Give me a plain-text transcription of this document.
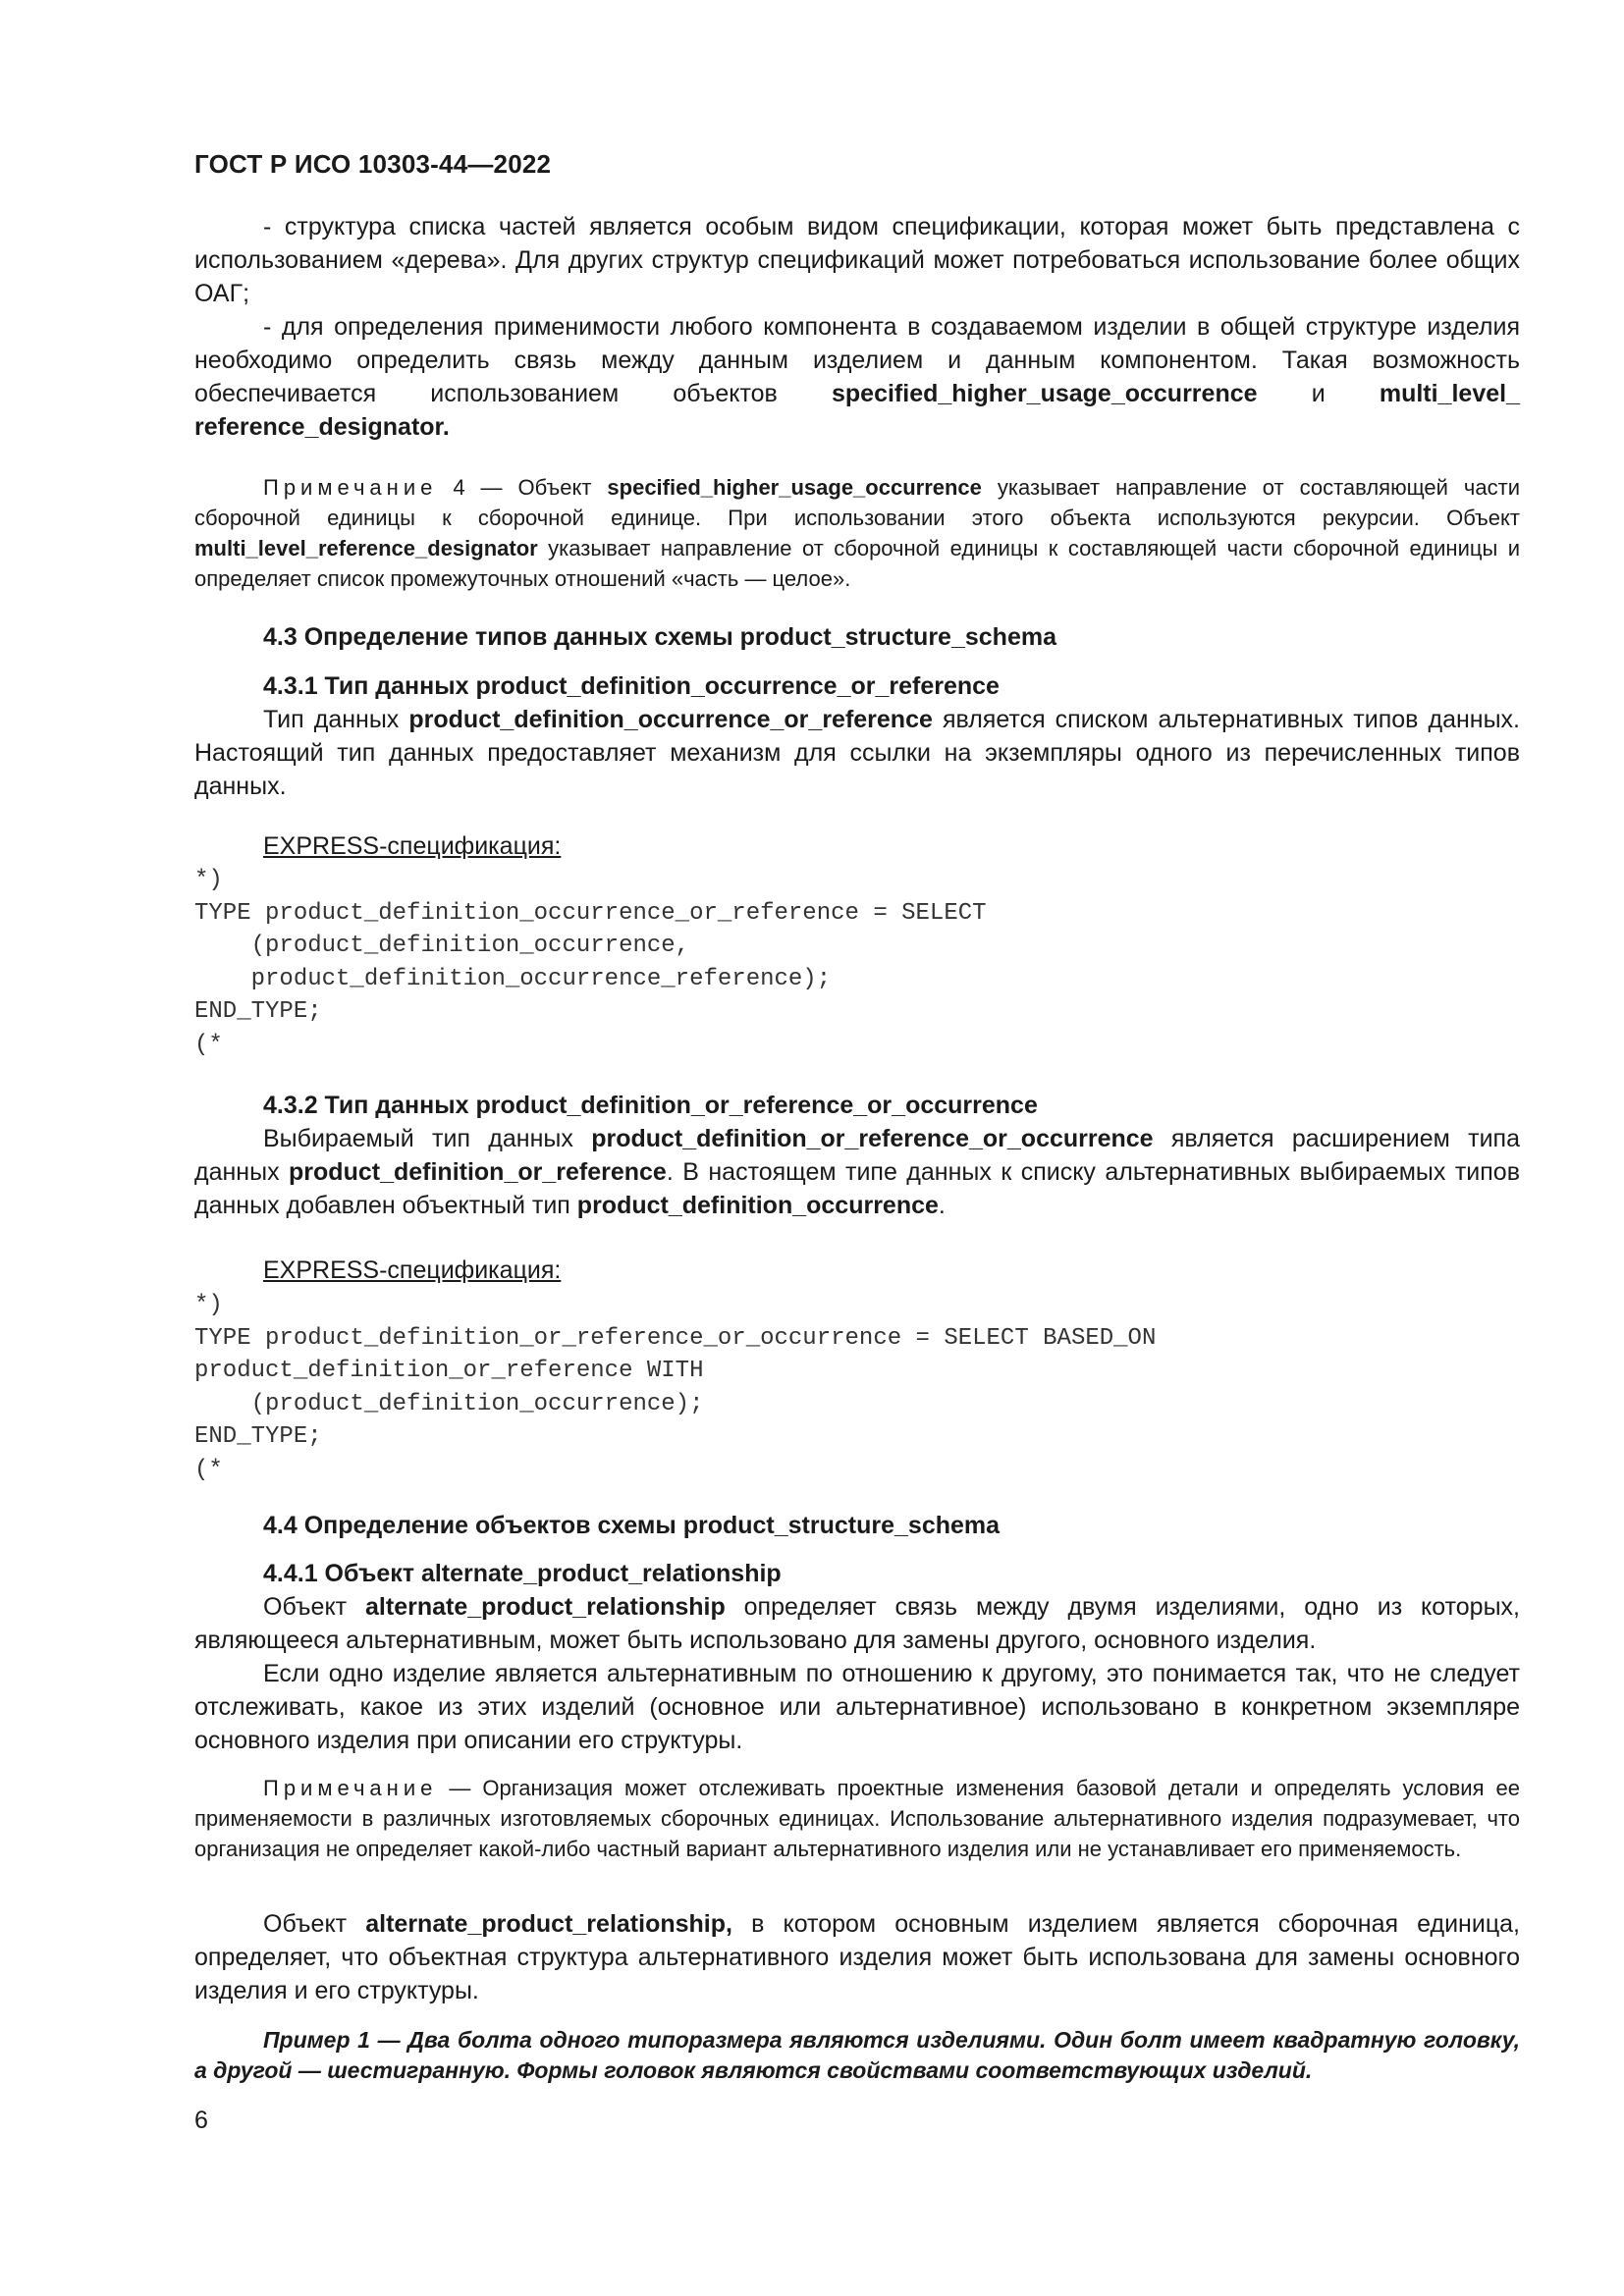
ГОСТ Р ИСО 10303-44—2022

- структура списка частей является особым видом спецификации, которая может быть представлена с использованием «дерева». Для других структур спецификаций может потребоваться использование более общих ОАГ;

- для определения применимости любого компонента в создаваемом изделии в общей структуре изделия необходимо определить связь между данным изделием и данным компонентом. Такая возможность обеспечивается использованием объектов specified_higher_usage_occurrence и multi_level_ reference_designator.

Примечание 4 — Объект specified_higher_usage_occurrence указывает направление от составляющей части сборочной единицы к сборочной единице. При использовании этого объекта используются рекурсии. Объект multi_level_reference_designator указывает направление от сборочной единицы к составляющей части сборочной единицы и определяет список промежуточных отношений «часть — целое».

4.3 Определение типов данных схемы product_structure_schema
4.3.1 Тип данных product_definition_occurrence_or_reference

Тип данных product_definition_occurrence_or_reference является списком альтернативных типов данных. Настоящий тип данных предоставляет механизм для ссылки на экземпляры одного из перечисленных типов данных.

EXPRESS-спецификация:
*)
TYPE product_definition_occurrence_or_reference = SELECT
(product_definition_occurrence,
product_definition_occurrence_reference);
END_TYPE;
(*
4.3.2 Тип данных product_definition_or_reference_or_occurrence

Выбираемый тип данных product_definition_or_reference_or_occurrence является расширением типа данных product_definition_or_reference. В настоящем типе данных к списку альтернативных выбираемых типов данных добавлен объектный тип product_definition_occurrence.

EXPRESS-спецификация:
*)
TYPE product_definition_or_reference_or_occurrence = SELECT BASED_ON
product_definition_or_reference WITH
(product_definition_occurrence);
END_TYPE;
(*
4.4 Определение объектов схемы product_structure_schema
4.4.1 Объект alternate_product_relationship

Объект alternate_product_relationship определяет связь между двумя изделиями, одно из которых, являющееся альтернативным, может быть использовано для замены другого, основного изделия.

Если одно изделие является альтернативным по отношению к другому, это понимается так, что не следует отслеживать, какое из этих изделий (основное или альтернативное) использовано в конкретном экземпляре основного изделия при описании его структуры.

Примечание — Организация может отслеживать проектные изменения базовой детали и определять условия ее применяемости в различных изготовляемых сборочных единицах. Использование альтернативного изделия подразумевает, что организация не определяет какой-либо частный вариант альтернативного изделия или не устанавливает его применяемость.

Объект alternate_product_relationship, в котором основным изделием является сборочная единица, определяет, что объектная структура альтернативного изделия может быть использована для замены основного изделия и его структуры.

Пример 1 — Два болта одного типоразмера являются изделиями. Один болт имеет квадратную головку, а другой — шестигранную. Формы головок являются свойствами соответствующих изделий.

6
